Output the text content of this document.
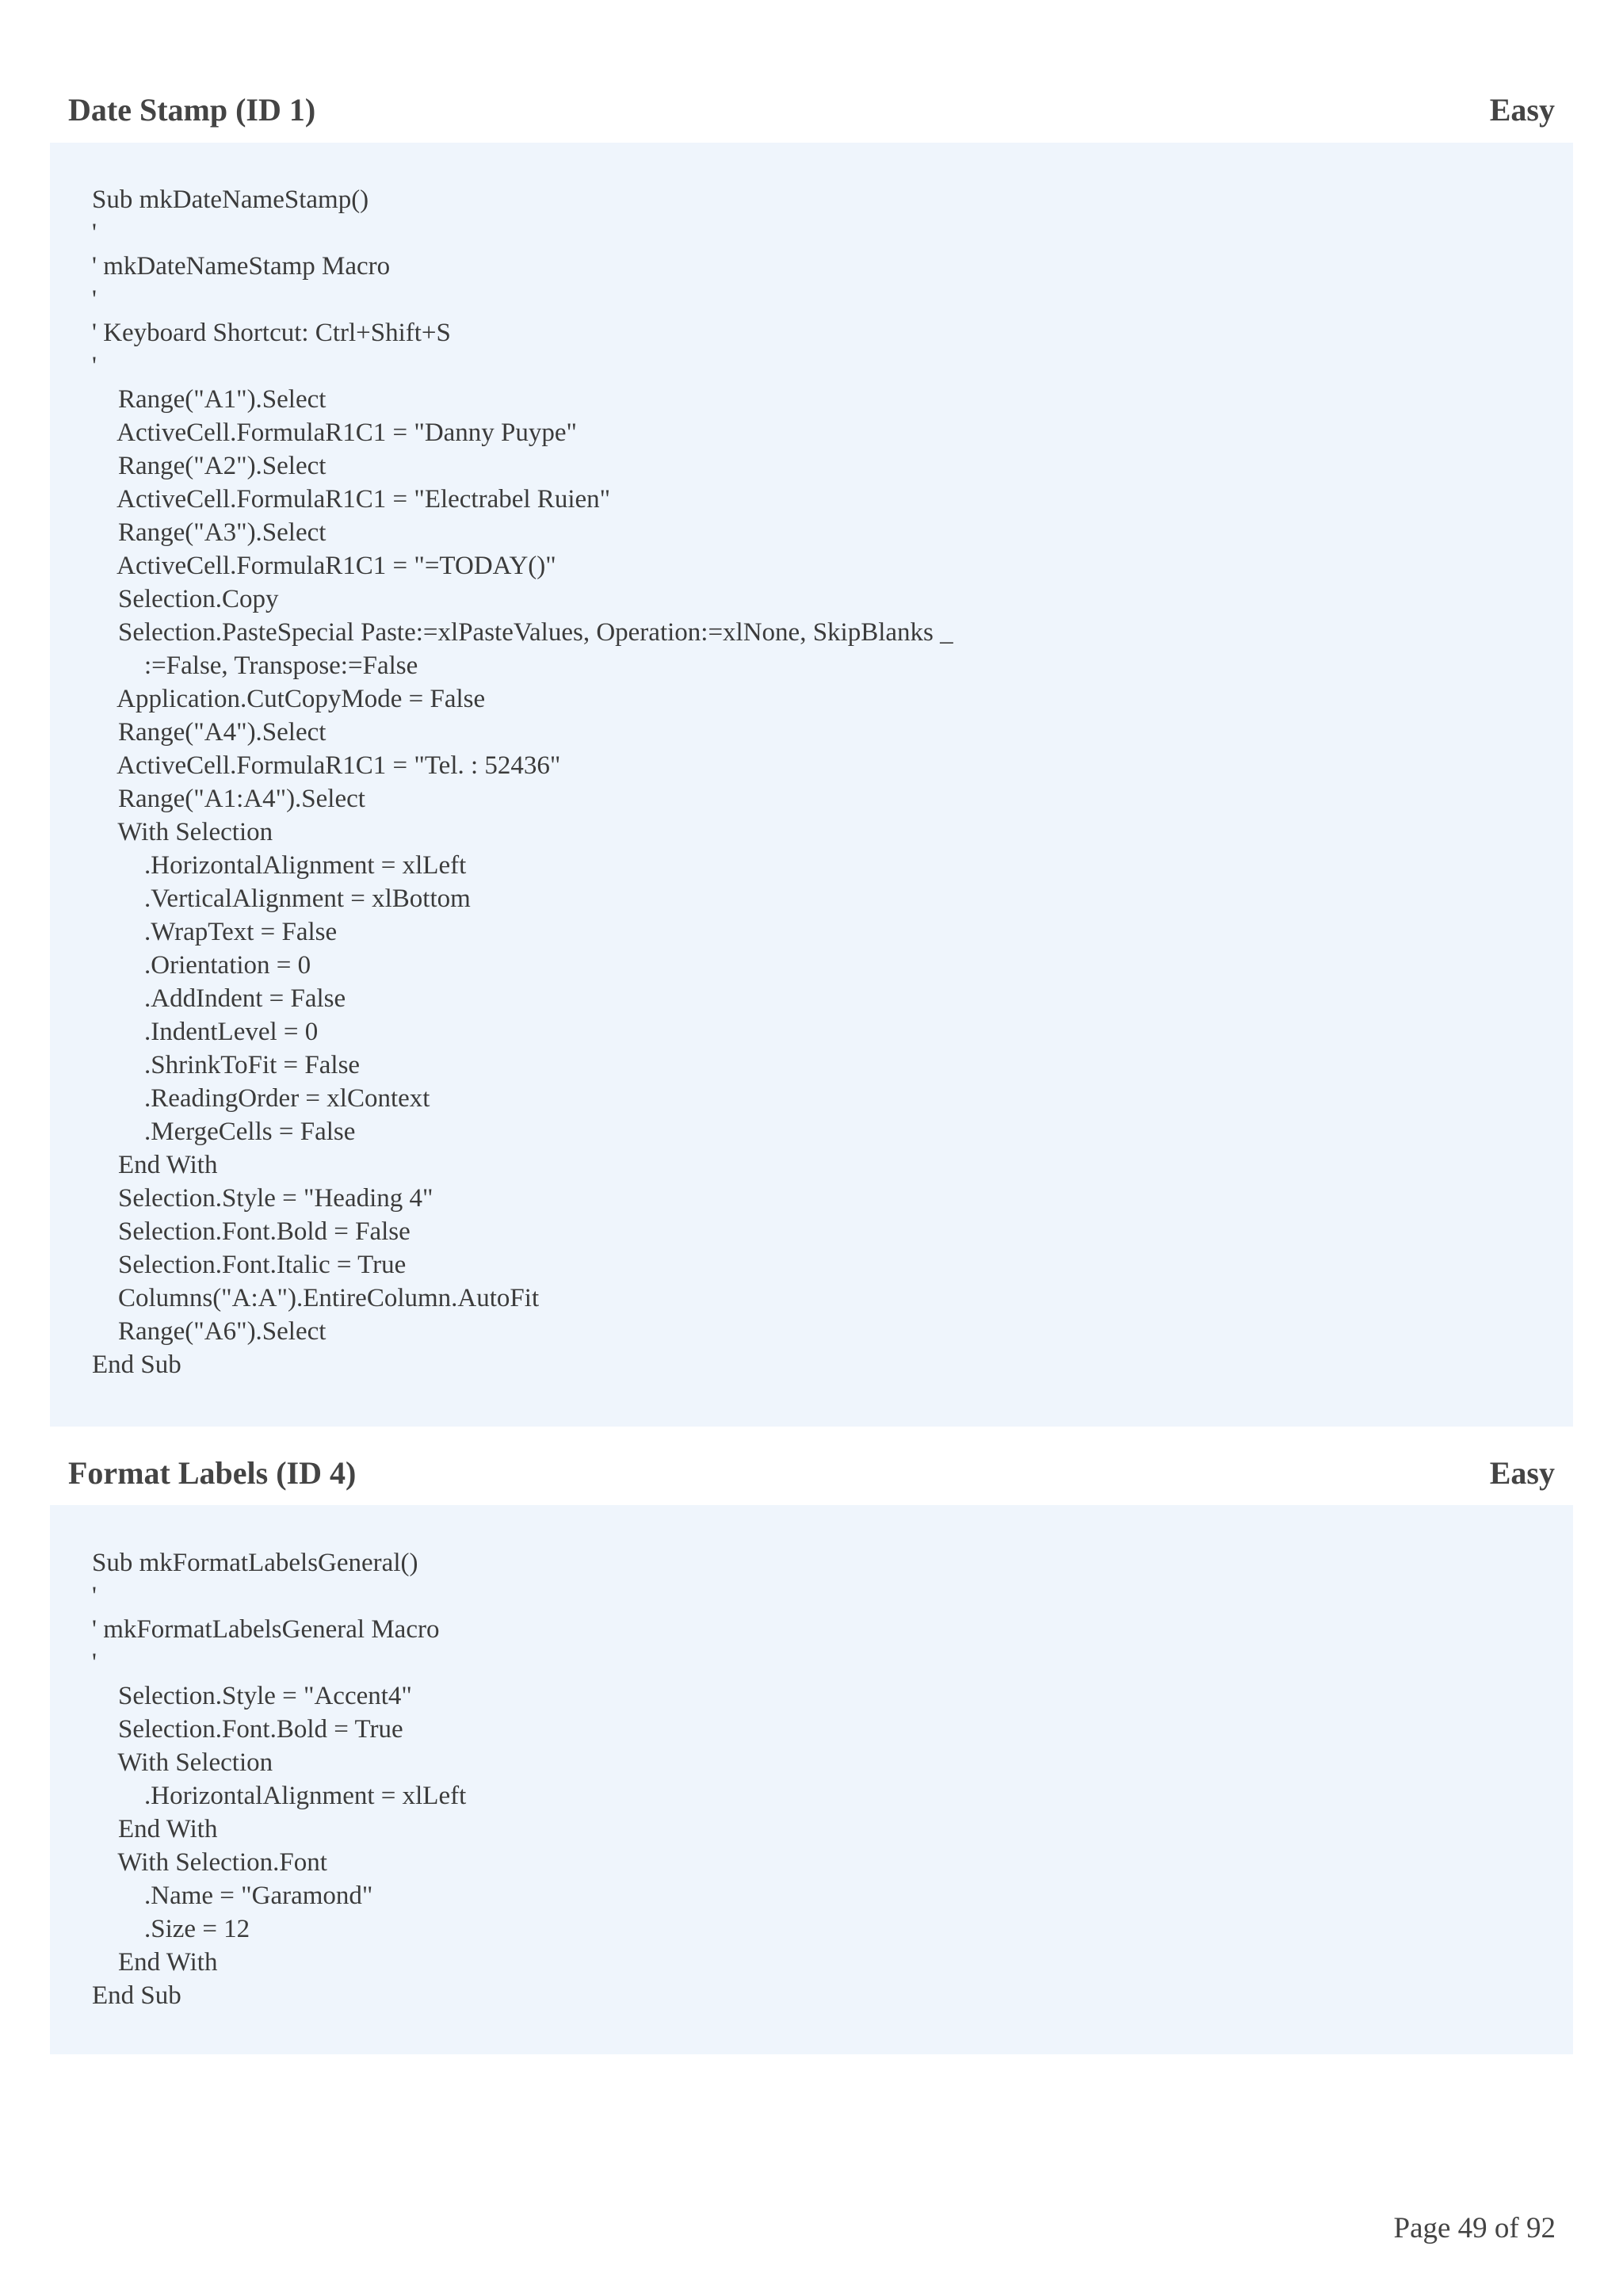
Date Stamp (ID 1)	Easy
Sub mkDateNameStamp()
'
' mkDateNameStamp Macro
'
' Keyboard Shortcut: Ctrl+Shift+S
'
Range("A1").Select
ActiveCell.FormulaR1C1 = "Danny Puype"
Range("A2").Select
ActiveCell.FormulaR1C1 = "Electrabel Ruien"
Range("A3").Select
ActiveCell.FormulaR1C1 = "=TODAY()"
Selection.Copy
Selection.PasteSpecial Paste:=xlPasteValues, Operation:=xlNone, SkipBlanks _
:=False, Transpose:=False
Application.CutCopyMode = False
Range("A4").Select
ActiveCell.FormulaR1C1 = "Tel. : 52436"
Range("A1:A4").Select
With Selection
.HorizontalAlignment = xlLeft
.VerticalAlignment = xlBottom
.WrapText = False
.Orientation = 0
.AddIndent = False
.IndentLevel = 0
.ShrinkToFit = False
.ReadingOrder = xlContext
.MergeCells = False
End With
Selection.Style = "Heading 4"
Selection.Font.Bold = False
Selection.Font.Italic = True
Columns("A:A").EntireColumn.AutoFit
Range("A6").Select
End Sub
Format Labels (ID 4)	Easy
Sub mkFormatLabelsGeneral()
'
' mkFormatLabelsGeneral Macro
'
Selection.Style = "Accent4"
Selection.Font.Bold = True
With Selection
.HorizontalAlignment = xlLeft
End With
With Selection.Font
.Name = "Garamond"
.Size = 12
End With
End Sub
Page 49 of 92
